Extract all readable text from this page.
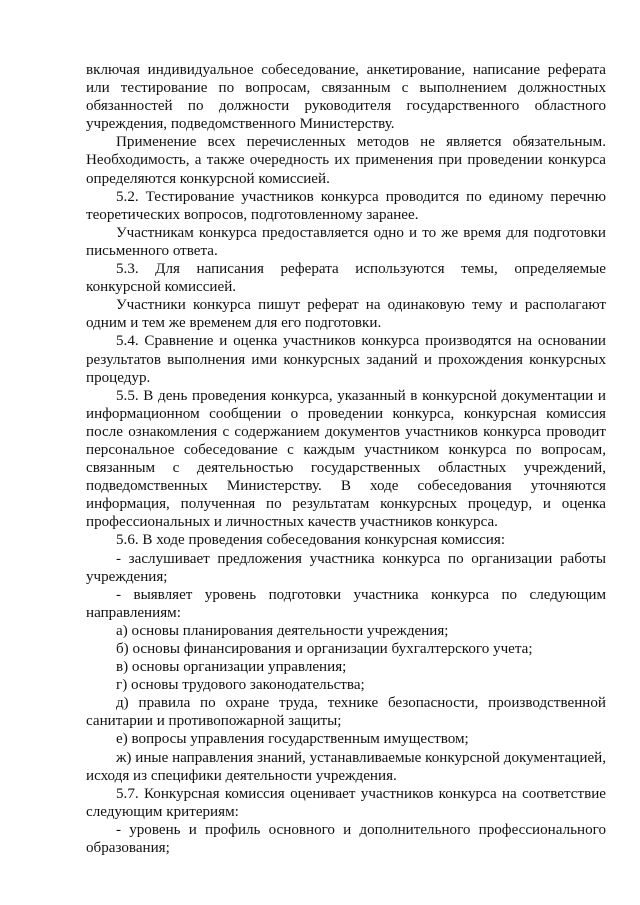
включая индивидуальное собеседование, анкетирование, написание реферата или тестирование по вопросам, связанным с выполнением должностных обязанностей по должности руководителя государственного областного учреждения, подведомственного Министерству.

Применение всех перечисленных методов не является обязательным. Необходимость, а также очередность их применения при проведении конкурса определяются конкурсной комиссией.

5.2. Тестирование участников конкурса проводится по единому перечню теоретических вопросов, подготовленному заранее.

Участникам конкурса предоставляется одно и то же время для подготовки письменного ответа.

5.3. Для написания реферата используются темы, определяемые конкурсной комиссией.

Участники конкурса пишут реферат на одинаковую тему и располагают одним и тем же временем для его подготовки.

5.4. Сравнение и оценка участников конкурса производятся на основании результатов выполнения ими конкурсных заданий и прохождения конкурсных процедур.

5.5. В день проведения конкурса, указанный в конкурсной документации и информационном сообщении о проведении конкурса, конкурсная комиссия после ознакомления с содержанием документов участников конкурса проводит персональное собеседование с каждым участником конкурса по вопросам, связанным с деятельностью государственных областных учреждений, подведомственных Министерству. В ходе собеседования уточняются информация, полученная по результатам конкурсных процедур, и оценка профессиональных и личностных качеств участников конкурса.

5.6. В ходе проведения собеседования конкурсная комиссия:

- заслушивает предложения участника конкурса по организации работы учреждения;

- выявляет уровень подготовки участника конкурса по следующим направлениям:

а) основы планирования деятельности учреждения;

б) основы финансирования и организации бухгалтерского учета;

в) основы организации управления;

г) основы трудового законодательства;

д) правила по охране труда, технике безопасности, производственной санитарии и противопожарной защиты;

е) вопросы управления государственным имуществом;

ж) иные направления знаний, устанавливаемые конкурсной документацией, исходя из специфики деятельности учреждения.

5.7. Конкурсная комиссия оценивает участников конкурса на соответствие следующим критериям:

- уровень и профиль основного и дополнительного профессионального образования;
